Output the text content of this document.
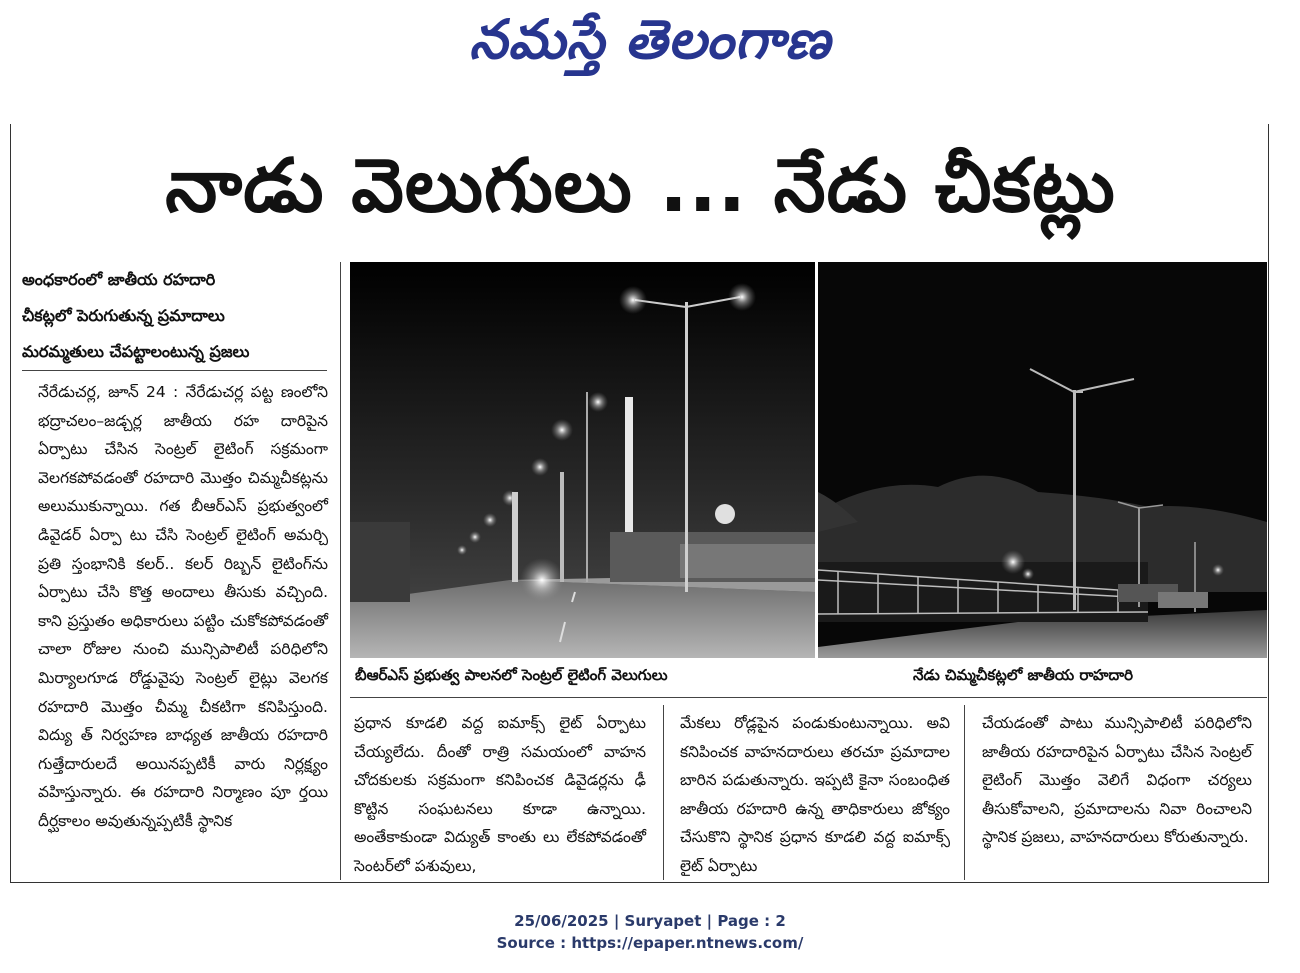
నమస్తే తెలంగాణ
నాడు వెలుగులు ... నేడు చీకట్లు
అంధకారంలో జాతీయ రహదారి
చీకట్లలో పెరుగుతున్న ప్రమాదాలు
మరమ్మతులు చేపట్టాలంటున్న ప్రజలు

నేరేడుచర్ల, జూన్ 24 : నేరేడుచర్ల పట్ట ణంలోని భద్రాచలం–జడ్చర్ల జాతీయ రహ దారిపైన ఏర్పాటు చేసిన సెంట్రల్ లైటింగ్ సక్రమంగా వెలగకపోవడంతో రహదారి మొత్తం చిమ్మచీకట్లను అలుముకున్నాయి. గత బీఆర్ఎస్ ప్రభుత్వంలో డివైడర్ ఏర్పా టు చేసి సెంట్రల్ లైటింగ్ అమర్చి ప్రతి స్తంభానికి కలర్.. కలర్ రిబ్బన్ లైటింగ్‌ను ఏర్పాటు చేసి కొత్త అందాలు తీసుకు వచ్చింది. కాని ప్రస్తుతం అధికారులు పట్టిం చుకోకపోవడంతో చాలా రోజుల నుంచి మున్సిపాలిటీ పరిధిలోని మిర్యాలగూడ రోడ్డువైపు సెంట్రల్ లైట్లు వెలగక రహదారి మొత్తం చీమ్మ చీకటిగా కనిపిస్తుంది. విద్యు త్ నిర్వహణ బాధ్యత జాతీయ రహదారి గుత్తేదారులదే అయినప్పటికీ వారు నిర్లక్ష్యం వహిస్తున్నారు. ఈ రహదారి నిర్మాణం పూ ర్తయి దీర్ఘకాలం అవుతున్నప్పటికీ స్థానిక

బీఆర్ఎస్ ప్రభుత్వ పాలనలో సెంట్రల్ లైటింగ్ వెలుగులు	నేడు చిమ్మచీకట్లలో జాతీయ రాహదారి

ప్రధాన కూడలి వద్ద ఐమాక్స్ లైట్ ఏర్పాటు చేయ్యలేదు. దీంతో రాత్రి సమయంలో వాహన చోదకులకు సక్రమంగా కనిపించక డివైడర్లను ఢీ కొట్టిన సంఘటనలు కూడా ఉన్నాయి. అంతేకాకుండా విద్యుత్ కాంతు లు లేకపోవడంతో సెంటర్‌లో పశువులు,

మేకలు రోడ్లపైన పండుకుంటున్నాయి. అవి కనిపించక వాహనదారులు తరచూ ప్రమాదాల బారిన పడుతున్నారు. ఇప్పటి కైనా సంబంధిత జాతీయ రహదారి ఉన్న తాధికారులు జోక్యం చేసుకొని స్థానిక ప్రధాన కూడలి వద్ద ఐమాక్స్ లైట్ ఏర్పాటు

చేయడంతో పాటు మున్సిపాలిటీ పరిధిలోని జాతీయ రహదారిపైన ఏర్పాటు చేసిన సెంట్రల్ లైటింగ్ మొత్తం వెలిగే విధంగా చర్యలు తీసుకోవాలని, ప్రమాదాలను నివా రించాలని స్థానిక ప్రజలు, వాహనదారులు కోరుతున్నారు.

25/06/2025 | Suryapet | Page : 2
Source : https://epaper.ntnews.com/
